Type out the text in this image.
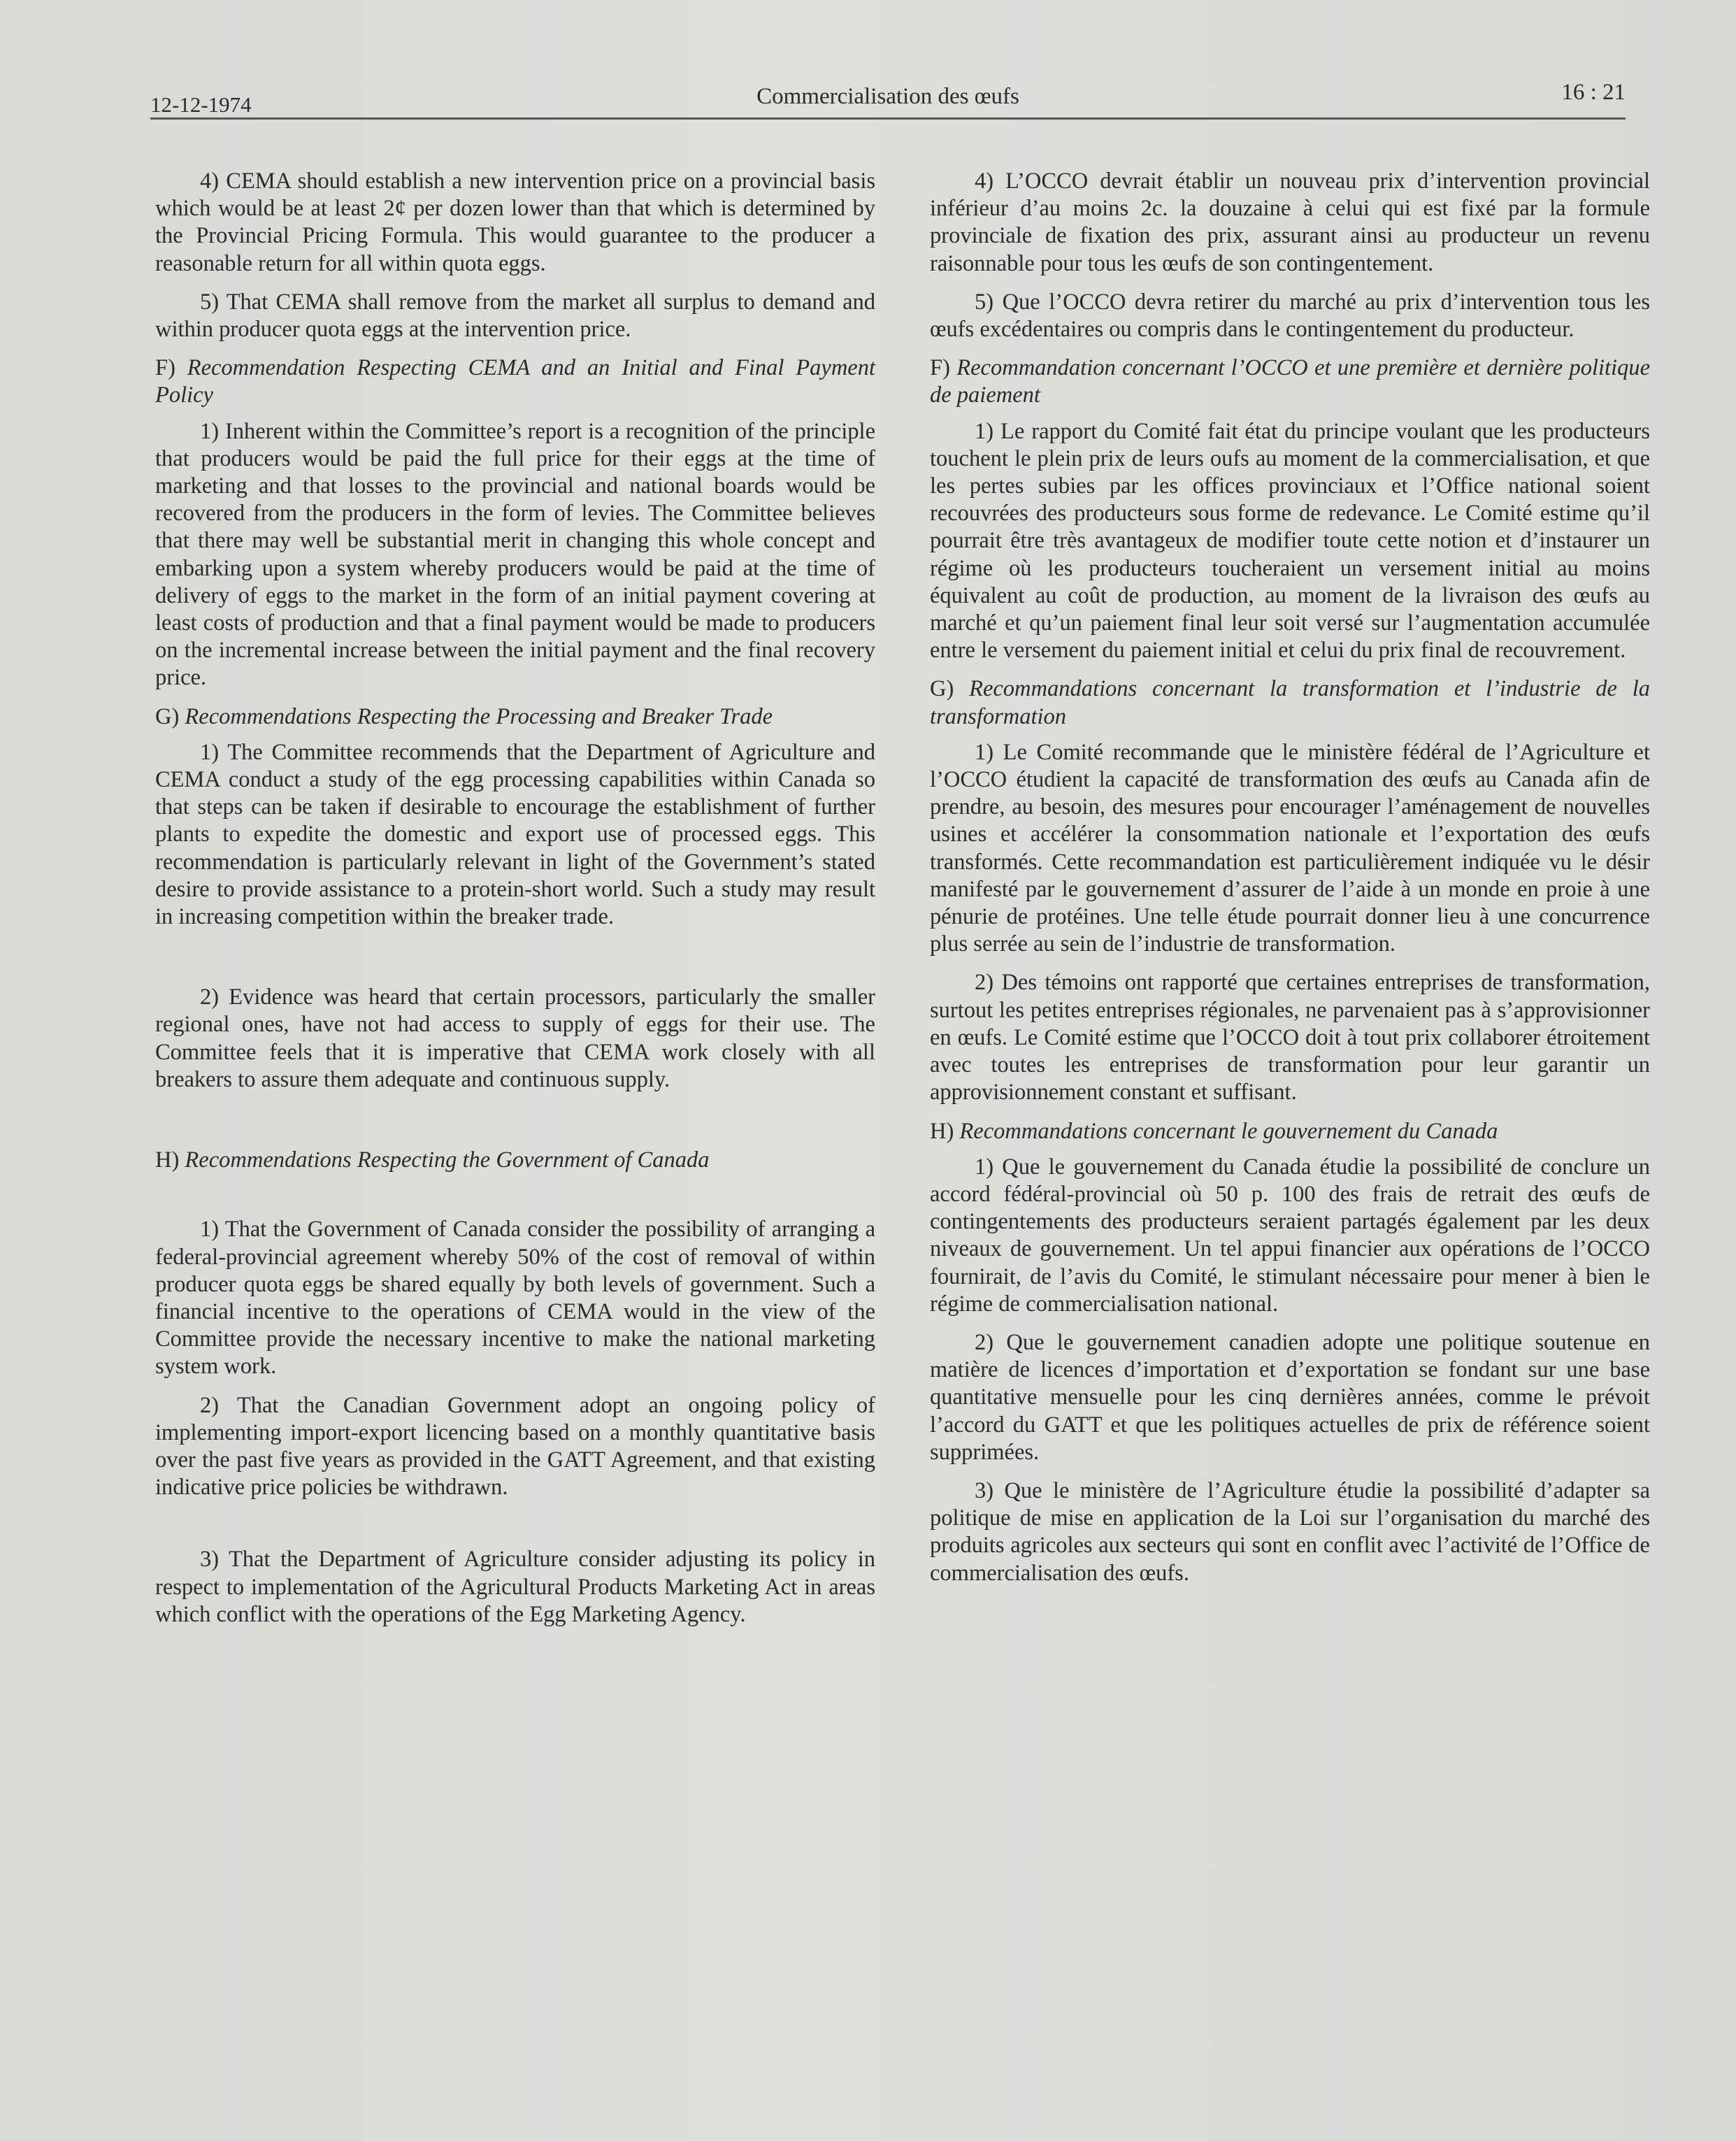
12-12-1974	Commercialisation des œufs	16 : 21

4) CEMA should establish a new intervention price on a provincial basis which would be at least 2¢ per dozen lower than that which is determined by the Provincial Pricing Formula. This would guarantee to the producer a reasonable return for all within quota eggs.

5) That CEMA shall remove from the market all surplus to demand and within producer quota eggs at the intervention price.

F) Recommendation Respecting CEMA and an Initial and Final Payment Policy

1) Inherent within the Committee’s report is a recognition of the principle that producers would be paid the full price for their eggs at the time of marketing and that losses to the provincial and national boards would be recovered from the producers in the form of levies. The Committee believes that there may well be substantial merit in changing this whole concept and embarking upon a system whereby producers would be paid at the time of delivery of eggs to the market in the form of an initial payment covering at least costs of production and that a final payment would be made to producers on the incremental increase between the initial payment and the final recovery price.

G) Recommendations Respecting the Processing and Breaker Trade

1) The Committee recommends that the Department of Agriculture and CEMA conduct a study of the egg processing capabilities within Canada so that steps can be taken if desirable to encourage the establishment of further plants to expedite the domestic and export use of processed eggs. This recommendation is particularly relevant in light of the Government’s stated desire to provide assistance to a protein-short world. Such a study may result in increasing competition within the breaker trade.

2) Evidence was heard that certain processors, particularly the smaller regional ones, have not had access to supply of eggs for their use. The Committee feels that it is imperative that CEMA work closely with all breakers to assure them adequate and continuous supply.

H) Recommendations Respecting the Government of Canada

1) That the Government of Canada consider the possibility of arranging a federal-provincial agreement whereby 50% of the cost of removal of within producer quota eggs be shared equally by both levels of government. Such a financial incentive to the operations of CEMA would in the view of the Committee provide the necessary incentive to make the national marketing system work.

2) That the Canadian Government adopt an ongoing policy of implementing import-export licencing based on a monthly quantitative basis over the past five years as provided in the GATT Agreement, and that existing indicative price policies be withdrawn.

3) That the Department of Agriculture consider adjusting its policy in respect to implementation of the Agricultural Products Marketing Act in areas which conflict with the operations of the Egg Marketing Agency.

4) L’OCCO devrait établir un nouveau prix d’intervention provincial inférieur d’au moins 2c. la douzaine à celui qui est fixé par la formule provinciale de fixation des prix, assurant ainsi au producteur un revenu raisonnable pour tous les œufs de son contingentement.

5) Que l’OCCO devra retirer du marché au prix d’intervention tous les œufs excédentaires ou compris dans le contingentement du producteur.

F) Recommandation concernant l’OCCO et une première et dernière politique de paiement

1) Le rapport du Comité fait état du principe voulant que les producteurs touchent le plein prix de leurs oufs au moment de la commercialisation, et que les pertes subies par les offices provinciaux et l’Office national soient recouvrées des producteurs sous forme de redevance. Le Comité estime qu’il pourrait être très avantageux de modifier toute cette notion et d’instaurer un régime où les producteurs toucheraient un versement initial au moins équivalent au coût de production, au moment de la livraison des œufs au marché et qu’un paiement final leur soit versé sur l’augmentation accumulée entre le versement du paiement initial et celui du prix final de recouvrement.

G) Recommandations concernant la transformation et l’industrie de la transformation

1) Le Comité recommande que le ministère fédéral de l’Agriculture et l’OCCO étudient la capacité de transformation des œufs au Canada afin de prendre, au besoin, des mesures pour encourager l’aménagement de nouvelles usines et accélérer la consommation nationale et l’exportation des œufs transformés. Cette recommandation est particulièrement indiquée vu le désir manifesté par le gouvernement d’assurer de l’aide à un monde en proie à une pénurie de protéines. Une telle étude pourrait donner lieu à une concurrence plus serrée au sein de l’industrie de transformation.

2) Des témoins ont rapporté que certaines entreprises de transformation, surtout les petites entreprises régionales, ne parvenaient pas à s’approvisionner en œufs. Le Comité estime que l’OCCO doit à tout prix collaborer étroitement avec toutes les entreprises de transformation pour leur garantir un approvisionnement constant et suffisant.

H) Recommandations concernant le gouvernement du Canada

1) Que le gouvernement du Canada étudie la possibilité de conclure un accord fédéral-provincial où 50 p. 100 des frais de retrait des œufs de contingentements des producteurs seraient partagés également par les deux niveaux de gouvernement. Un tel appui financier aux opérations de l’OCCO fournirait, de l’avis du Comité, le stimulant nécessaire pour mener à bien le régime de commercialisation national.

2) Que le gouvernement canadien adopte une politique soutenue en matière de licences d’importation et d’exportation se fondant sur une base quantitative mensuelle pour les cinq dernières années, comme le prévoit l’accord du GATT et que les politiques actuelles de prix de référence soient supprimées.

3) Que le ministère de l’Agriculture étudie la possibilité d’adapter sa politique de mise en application de la Loi sur l’organisation du marché des produits agricoles aux secteurs qui sont en conflit avec l’activité de l’Office de commercialisation des œufs.
